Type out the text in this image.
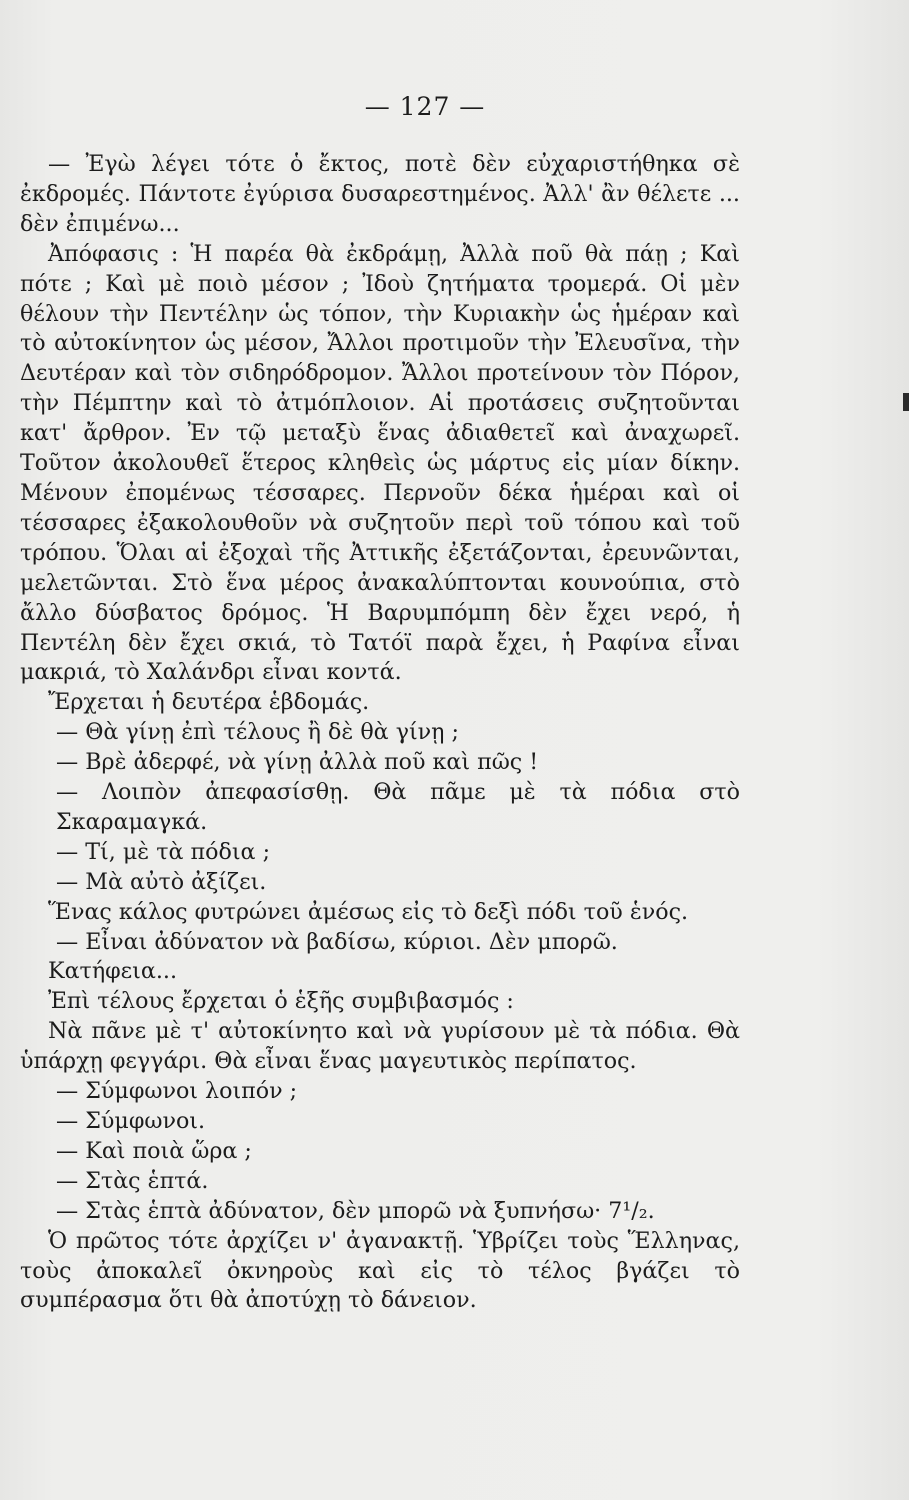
— 127 —

— Ἐγὼ λέγει τότε ὁ ἔκτος, ποτὲ δὲν εὐχαριστήθηκα σὲ ἐκδρομές. Πάντοτε ἐγύρισα δυσαρεστημένος. Ἀλλ' ἂν θέλετε ... δὲν ἐπιμένω...

Ἀπόφασις : Ἡ παρέα θὰ ἐκδράμῃ, Ἀλλὰ ποῦ θὰ πάῃ ; Καὶ πότε ; Καὶ μὲ ποιὸ μέσον ; Ἰδοὺ ζητήματα τρομερά. Οἱ μὲν θέλουν τὴν Πεντέλην ὡς τόπον, τὴν Κυριακὴν ὡς ἡμέραν καὶ τὸ αὐτοκίνητον ὡς μέσον, Ἄλλοι προτιμοῦν τὴν Ἐλευσῖνα, τὴν Δευτέραν καὶ τὸν σιδηρόδρομον. Ἄλλοι προτείνουν τὸν Πόρον, τὴν Πέμπτην καὶ τὸ ἀτμόπλοιον. Αἱ προτάσεις συζητοῦνται κατ' ἄρθρον. Ἐν τῷ μεταξὺ ἕνας ἀδιαθετεῖ καὶ ἀναχωρεῖ. Τοῦτον ἀκολουθεῖ ἕτερος κληθεὶς ὡς μάρτυς εἰς μίαν δίκην. Μένουν ἐπομένως τέσσαρες. Περνοῦν δέκα ἡμέραι καὶ οἱ τέσσαρες ἐξακολουθοῦν νὰ συζητοῦν περὶ τοῦ τόπου καὶ τοῦ τρόπου. Ὅλαι αἱ ἐξοχαὶ τῆς Ἀττικῆς ἐξετάζονται, ἐρευνῶνται, μελετῶνται. Στὸ ἕνα μέρος ἀνακαλύπτονται κουνούπια, στὸ ἄλλο δύσβατος δρόμος. Ἡ Βαρυμπόμπη δὲν ἔχει νερό, ἡ Πεντέλη δὲν ἔχει σκιά, τὸ Τατόϊ παρὰ ἔχει, ἡ Ραφίνα εἶναι μακριά, τὸ Χαλάνδρι εἶναι κοντά.

Ἔρχεται ἡ δευτέρα ἑβδομάς.

— Θὰ γίνῃ ἐπὶ τέλους ἢ δὲ θὰ γίνῃ ;

— Βρὲ ἀδερφέ, νὰ γίνῃ ἀλλὰ ποῦ καὶ πῶς !

— Λοιπὸν ἀπεφασίσθῃ. Θὰ πᾶμε μὲ τὰ πόδια στὸ Σκαραμαγκά.

— Τί, μὲ τὰ πόδια ;

— Μὰ αὐτὸ ἀξίζει.

Ἕνας κάλος φυτρώνει ἀμέσως εἰς τὸ δεξὶ πόδι τοῦ ἑνός.

— Εἶναι ἀδύνατον νὰ βαδίσω, κύριοι. Δὲν μπορῶ.

Κατήφεια...

Ἐπὶ τέλους ἔρχεται ὁ ἑξῆς συμβιβασμός :

Νὰ πᾶνε μὲ τ' αὐτοκίνητο καὶ νὰ γυρίσουν μὲ τὰ πόδια. Θὰ ὑπάρχῃ φεγγάρι. Θὰ εἶναι ἕνας μαγευτικὸς περίπατος.

— Σύμφωνοι λοιπόν ;

— Σύμφωνοι.

— Καὶ ποιὰ ὥρα ;

— Στὰς ἑπτά.

— Στὰς ἑπτὰ ἀδύνατον, δὲν μπορῶ νὰ ξυπνήσω· 7¹/₂.

Ὁ πρῶτος τότε ἀρχίζει ν' ἀγανακτῇ. Ὑβρίζει τοὺς Ἕλληνας, τοὺς ἀποκαλεῖ ὀκνηροὺς καὶ εἰς τὸ τέλος βγάζει τὸ συμπέρασμα ὅτι θὰ ἀποτύχῃ τὸ δάνειον.
